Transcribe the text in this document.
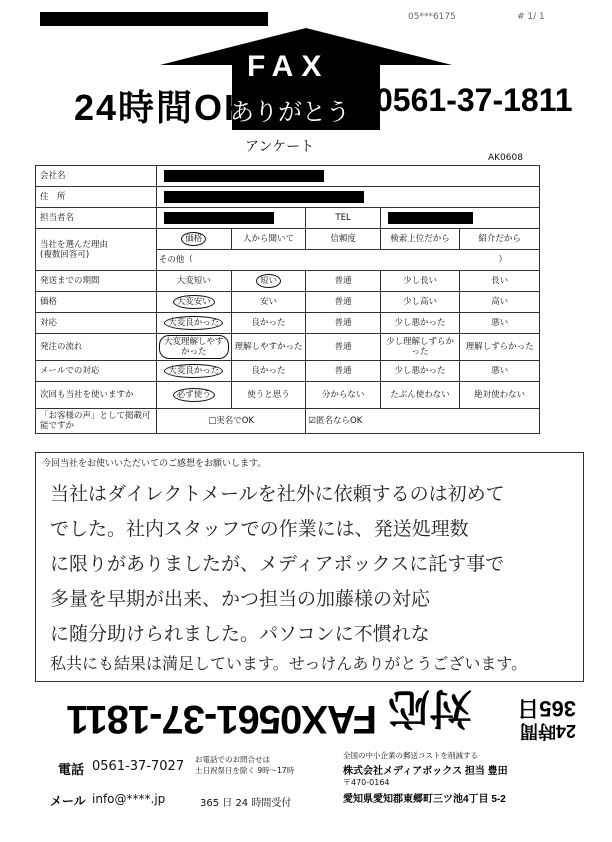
05***6175	# 1/ 1
24時間OK
FAX
ありがとう 0561-37-1811
アンケート
AK0608
会社名					

住　所					

担当者名			TEL		

当社を選んだ理由
(複数回答可)	価格	人から聞いて	信頼度	検索上位だから	紹介だから
	その他（ ）				

発送までの期間	大変短い	短い	普通	少し長い	長い
価格	大変安い	安い	普通	少し高い	高い
対応	大変良かった	良かった	普通	少し悪かった	悪い
発注の流れ	大変理解しやすかった	理解しやすかった	普通	少し理解しずらかった	理解しずらかった
メールでの対応	大変良かった	良かった	普通	少し悪かった	悪い
次回も当社を使いますか	必ず使う	使うと思う	分からない	たぶん使わない	絶対使わない
「お客様の声」として掲載可能ですか	□実名でOK		☑匿名ならOK		
今回当社をお使いいただいてのご感想をお願いします。
当社はダイレクトメールを社外に依頼するのは初めて
でした。社内スタッフでの作業には、発送処理数
に限りがありましたが、メディアボックスに託す事で
多量を早期が出来、かつ担当の加藤様の対応
に随分助けられました。パソコンに不慣れな
私共にも結果は満足しています。せっけんありがとうございます。
365日
24時間
対応
FAX0561-37-1811
電話 0561-37-7027 お電話でのお問合せは
土日祝祭日を除く 9時～17時
メール info@****.jp	365 日 24 時間受付
全国の中小企業の郵送コストを削減する
株式会社メディアボックス 担当 豊田
〒470-0164
愛知県愛知郡東郷町三ツ池4丁目 5-2
